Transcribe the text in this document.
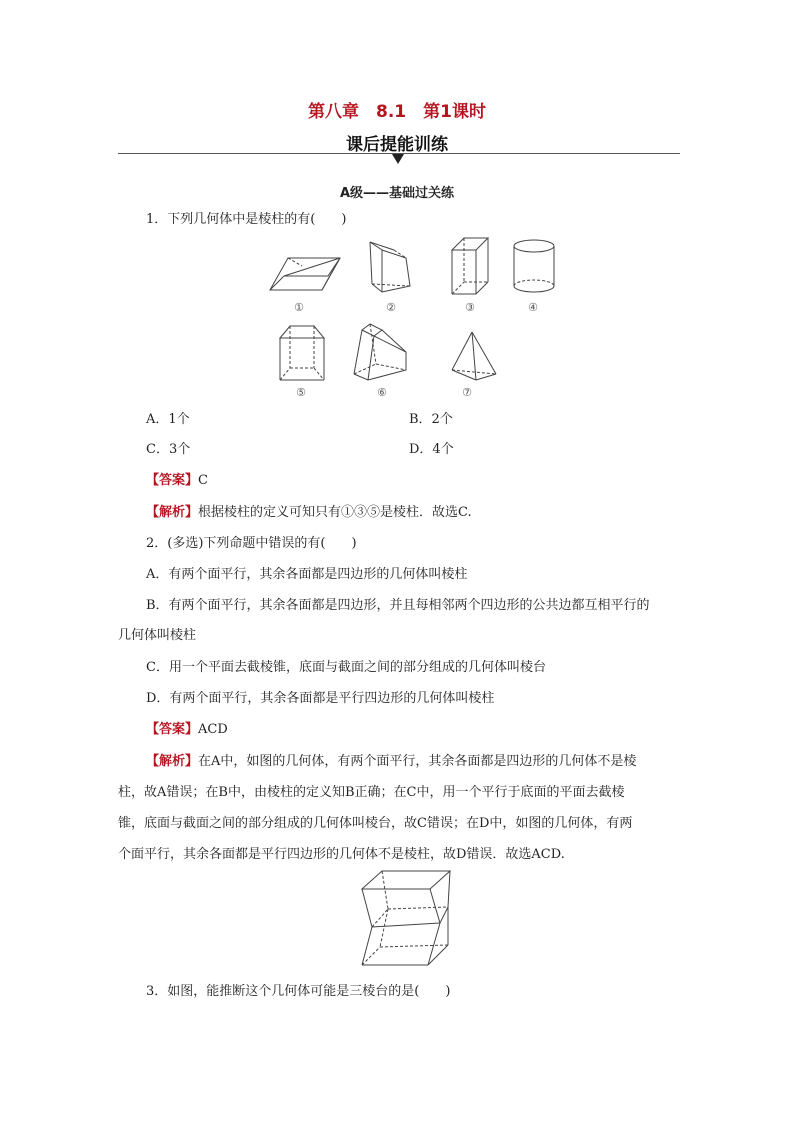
第八章　8.1　第1课时
课后提能训练
A级——基础过关练
1．下列几何体中是棱柱的有(　　)
①	②	③	④
⑤	⑥	⑦
A．1个	B．2个
C．3个	D．4个
【答案】C
【解析】根据棱柱的定义可知只有①③⑤是棱柱．故选C.
2．(多选)下列命题中错误的有(　　)
A．有两个面平行，其余各面都是四边形的几何体叫棱柱
B．有两个面平行，其余各面都是四边形，并且每相邻两个四边形的公共边都互相平行的
几何体叫棱柱
C．用一个平面去截棱锥，底面与截面之间的部分组成的几何体叫棱台
D．有两个面平行，其余各面都是平行四边形的几何体叫棱柱
【答案】ACD
【解析】在A中，如图的几何体，有两个面平行，其余各面都是四边形的几何体不是棱
柱，故A错误；在B中，由棱柱的定义知B正确；在C中，用一个平行于底面的平面去截棱
锥，底面与截面之间的部分组成的几何体叫棱台，故C错误；在D中，如图的几何体，有两
个面平行，其余各面都是平行四边形的几何体不是棱柱，故D错误．故选ACD.
3．如图，能推断这个几何体可能是三棱台的是(　　)
